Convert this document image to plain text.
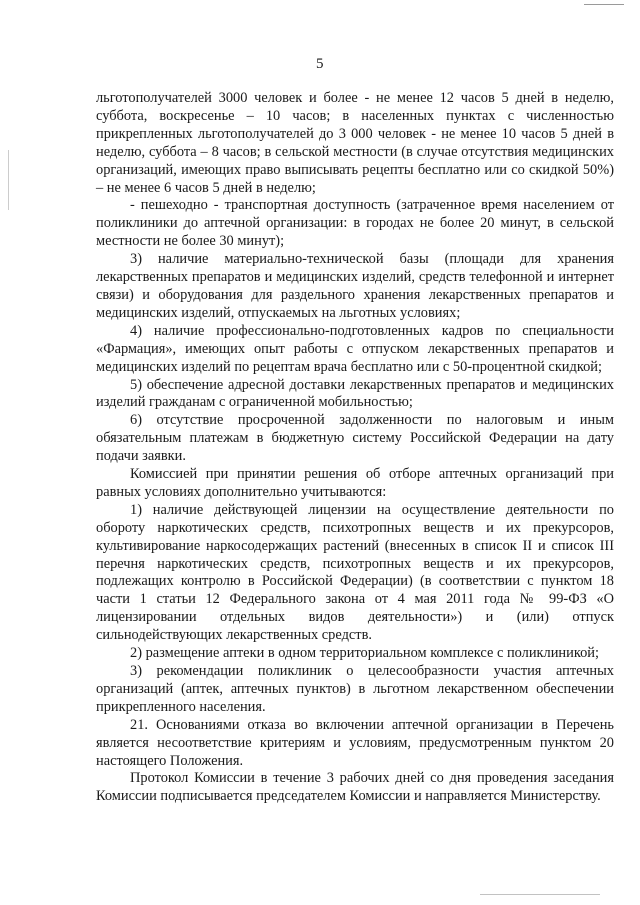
5

льготополучателей 3000 человек и более - не менее 12 часов 5 дней в неделю, суббота, воскресенье – 10 часов; в населенных пунктах с численностью прикрепленных льготополучателей до 3 000 человек - не менее 10 часов 5 дней в неделю, суббота – 8 часов; в сельской местности (в случае отсутствия медицинских организаций, имеющих право выписывать рецепты бесплатно или со скидкой 50%) – не менее 6 часов 5 дней в неделю;

- пешеходно - транспортная доступность (затраченное время населением от поликлиники до аптечной организации: в городах не более 20 минут, в сельской местности не более 30 минут);

3) наличие материально-технической базы (площади для хранения лекарственных препаратов и медицинских изделий, средств телефонной и интернет связи) и оборудования для раздельного хранения лекарственных препаратов и медицинских изделий, отпускаемых на льготных условиях;

4) наличие профессионально-подготовленных кадров по специальности «Фармация», имеющих опыт работы с отпуском лекарственных препаратов и медицинских изделий по рецептам врача бесплатно или с 50-процентной скидкой;

5) обеспечение адресной доставки лекарственных препаратов и медицинских изделий гражданам с ограниченной мобильностью;

6) отсутствие просроченной задолженности по налоговым и иным обязательным платежам в бюджетную систему Российской Федерации на дату подачи заявки.

Комиссией при принятии решения об отборе аптечных организаций при равных условиях дополнительно учитываются:

1) наличие действующей лицензии на осуществление деятельности по обороту наркотических средств, психотропных веществ и их прекурсоров, культивирование наркосодержащих растений (внесенных в список II и список III перечня наркотических средств, психотропных веществ и их прекурсоров, подлежащих контролю в Российской Федерации) (в соответствии с пунктом 18 части 1 статьи 12 Федерального закона от 4 мая 2011 года № 99-ФЗ «О лицензировании отдельных видов деятельности») и (или) отпуск сильнодействующих лекарственных средств.

2) размещение аптеки в одном территориальном комплексе с поликлиникой;

3) рекомендации поликлиник о целесообразности участия аптечных организаций (аптек, аптечных пунктов) в льготном лекарственном обеспечении прикрепленного населения.

21. Основаниями отказа во включении аптечной организации в Перечень является несоответствие критериям и условиям, предусмотренным пунктом 20 настоящего Положения.

Протокол Комиссии в течение 3 рабочих дней со дня проведения заседания Комиссии подписывается председателем Комиссии и направляется Министерству.
